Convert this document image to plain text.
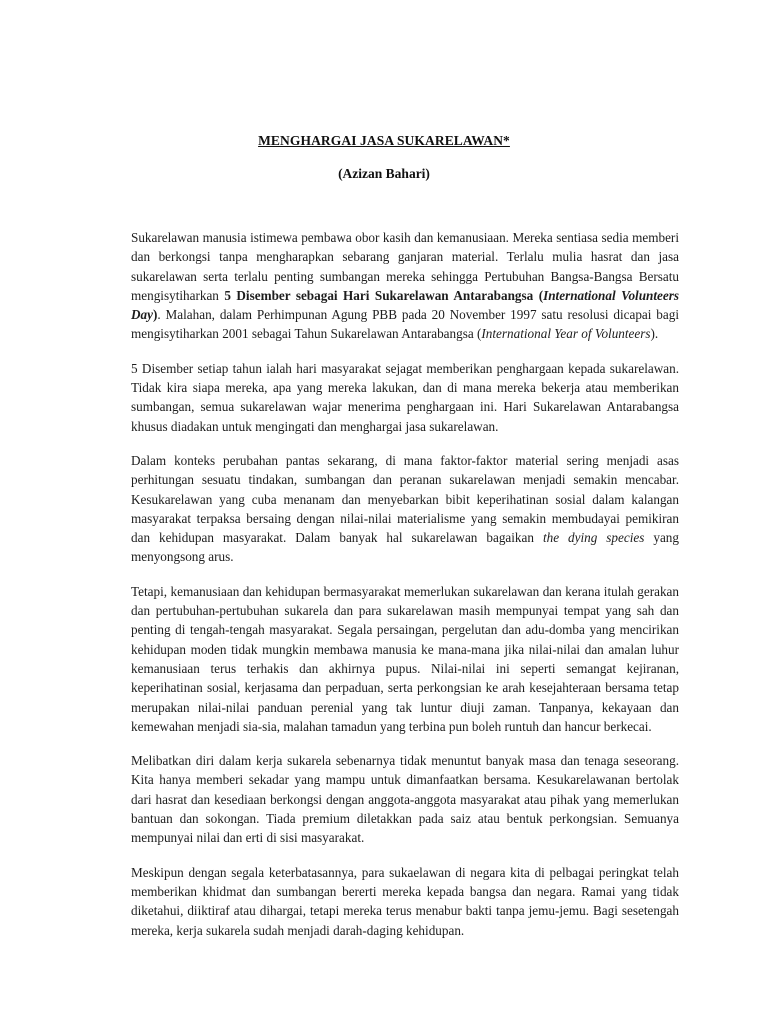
MENGHARGAI JASA SUKARELAWAN*
(Azizan Bahari)

Sukarelawan manusia istimewa pembawa obor kasih dan kemanusiaan. Mereka sentiasa sedia memberi dan berkongsi tanpa mengharapkan sebarang ganjaran material. Terlalu mulia hasrat dan jasa sukarelawan serta terlalu penting sumbangan mereka sehingga Pertubuhan Bangsa-Bangsa Bersatu mengisytiharkan 5 Disember sebagai Hari Sukarelawan Antarabangsa (International Volunteers Day). Malahan, dalam Perhimpunan Agung PBB pada 20 November 1997 satu resolusi dicapai bagi mengisytiharkan 2001 sebagai Tahun Sukarelawan Antarabangsa (International Year of Volunteers).

5 Disember setiap tahun ialah hari masyarakat sejagat memberikan penghargaan kepada sukarelawan. Tidak kira siapa mereka, apa yang mereka lakukan, dan di mana mereka bekerja atau memberikan sumbangan, semua sukarelawan wajar menerima penghargaan ini. Hari Sukarelawan Antarabangsa khusus diadakan untuk mengingati dan menghargai jasa sukarelawan.

Dalam konteks perubahan pantas sekarang, di mana faktor-faktor material sering menjadi asas perhitungan sesuatu tindakan, sumbangan dan peranan sukarelawan menjadi semakin mencabar. Kesukarelawan yang cuba menanam dan menyebarkan bibit keperihatinan sosial dalam kalangan masyarakat terpaksa bersaing dengan nilai-nilai materialisme yang semakin membudayai pemikiran dan kehidupan masyarakat. Dalam banyak hal sukarelawan bagaikan the dying species yang menyongsong arus.

Tetapi, kemanusiaan dan kehidupan bermasyarakat memerlukan sukarelawan dan kerana itulah gerakan dan pertubuhan-pertubuhan sukarela dan para sukarelawan masih mempunyai tempat yang sah dan penting di tengah-tengah masyarakat. Segala persaingan, pergelutan dan adu-domba yang mencirikan kehidupan moden tidak mungkin membawa manusia ke mana-mana jika nilai-nilai dan amalan luhur kemanusiaan terus terhakis dan akhirnya pupus. Nilai-nilai ini seperti semangat kejiranan, keperihatinan sosial, kerjasama dan perpaduan, serta perkongsian ke arah kesejahteraan bersama tetap merupakan nilai-nilai panduan perenial yang tak luntur diuji zaman. Tanpanya, kekayaan dan kemewahan menjadi sia-sia, malahan tamadun yang terbina pun boleh runtuh dan hancur berkecai.

Melibatkan diri dalam kerja sukarela sebenarnya tidak menuntut banyak masa dan tenaga seseorang. Kita hanya memberi sekadar yang mampu untuk dimanfaatkan bersama. Kesukarelawanan bertolak dari hasrat dan kesediaan berkongsi dengan anggota-anggota masyarakat atau pihak yang memerlukan bantuan dan sokongan. Tiada premium diletakkan pada saiz atau bentuk perkongsian. Semuanya mempunyai nilai dan erti di sisi masyarakat.

Meskipun dengan segala keterbatasannya, para sukaelawan di negara kita di pelbagai peringkat telah memberikan khidmat dan sumbangan bererti mereka kepada bangsa dan negara. Ramai yang tidak diketahui, diiktiraf atau dihargai, tetapi mereka terus menabur bakti tanpa jemu-jemu. Bagi sesetengah mereka, kerja sukarela sudah menjadi darah-daging kehidupan.
